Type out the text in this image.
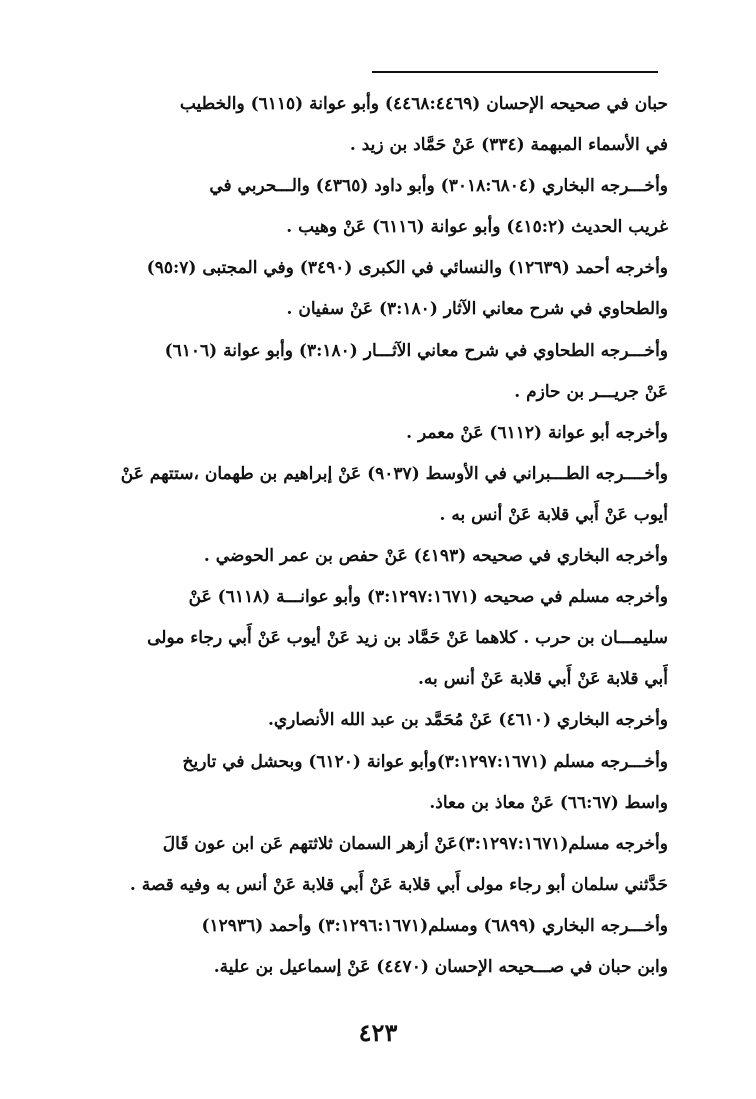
حبان في صحيحه الإحسان (٤٤٦٨:٤٤٦٩) وأبو عوانة (٦١١٥) والخطيب
في الأسماء المبهمة (٣٣٤) عَنْ حَمَّاد بن زيد .
وأخـــرجه البخاري (٣٠١٨:٦٨٠٤) وأبو داود (٤٣٦٥) والـــحربي في
غريب الحديث (٤١٥:٢) وأبو عوانة (٦١١٦) عَنْ وهيب .
وأخرجه أحمد (١٢٦٣٩) والنسائي في الكبرى (٣٤٩٠) وفي المجتبى (٩٥:٧)
والطحاوي في شرح معاني الآثار (٣:١٨٠) عَنْ سفيان .
وأخـــرجه الطحاوي في شرح معاني الآثـــار (٣:١٨٠) وأبو عوانة (٦١٠٦)
عَنْ جريـــر بن حازم .
وأخرجه أبو عوانة (٦١١٢) عَنْ معمر .
وأخــــرجه الطـــبراني في الأوسط (٩٠٣٧) عَنْ إبراهيم بن طهمان ،ستتهم عَنْ
أيوب عَنْ أَبي قلابة عَنْ أنس به .
وأخرجه البخاري في صحيحه (٤١٩٣) عَنْ حفص بن عمر الحوضي .
وأخرجه مسلم في صحيحه (٣:١٢٩٧:١٦٧١) وأبو عوانـــة (٦١١٨) عَنْ
سليمـــان بن حرب . كلاهما عَنْ حَمَّاد بن زيد عَنْ أيوب عَنْ أَبي رجاء مولى
أَبي قلابة عَنْ أَبي قلابة عَنْ أنس به.
وأخرجه البخاري (٤٦١٠) عَنْ مُحَمَّد بن عبد الله الأنصاري.
وأخـــرجه مسلم (٣:١٢٩٧:١٦٧١)وأبو عوانة (٦١٢٠) وبحشل في تاريخ
واسط (٦٦:٦٧) عَنْ معاذ بن معاذ.
وأخرجه مسلم(٣:١٢٩٧:١٦٧١)عَنْ أزهر السمان ثلاثتهم عَن ابن عون قَالَ
حَدَّثني سلمان أبو رجاء مولى أَبي قلابة عَنْ أَبي قلابة عَنْ أنس به وفيه قصة .
وأخـــرجه البخاري (٦٨٩٩) ومسلم(٣:١٢٩٦:١٦٧١) وأحمد (١٢٩٣٦)
وابن حبان في صـــحيحه الإحسان (٤٤٧٠) عَنْ إسماعيل بن علية.
٤٢٣
